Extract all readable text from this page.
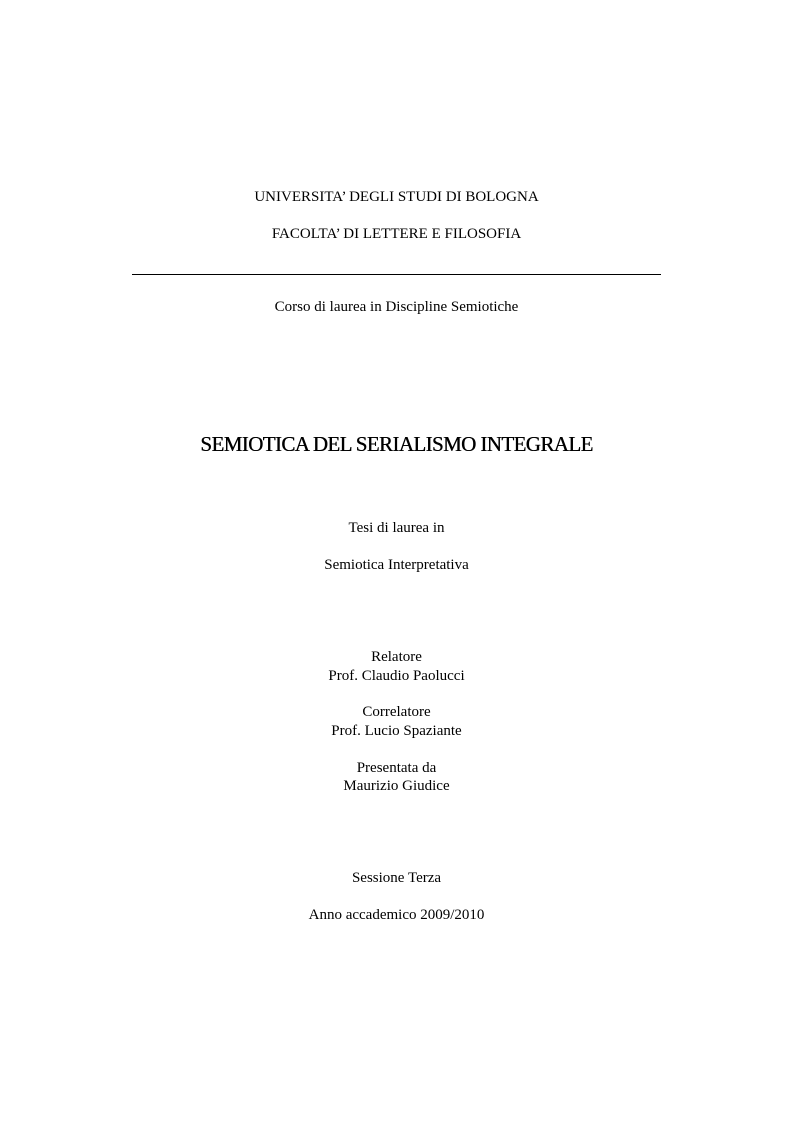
UNIVERSITA’ DEGLI STUDI DI BOLOGNA
FACOLTA’ DI LETTERE E FILOSOFIA
Corso di laurea in Discipline Semiotiche
SEMIOTICA DEL SERIALISMO INTEGRALE
Tesi di laurea in
Semiotica Interpretativa
Relatore
Prof. Claudio Paolucci
Correlatore
Prof. Lucio Spaziante
Presentata da
Maurizio Giudice
Sessione Terza
Anno accademico 2009/2010
